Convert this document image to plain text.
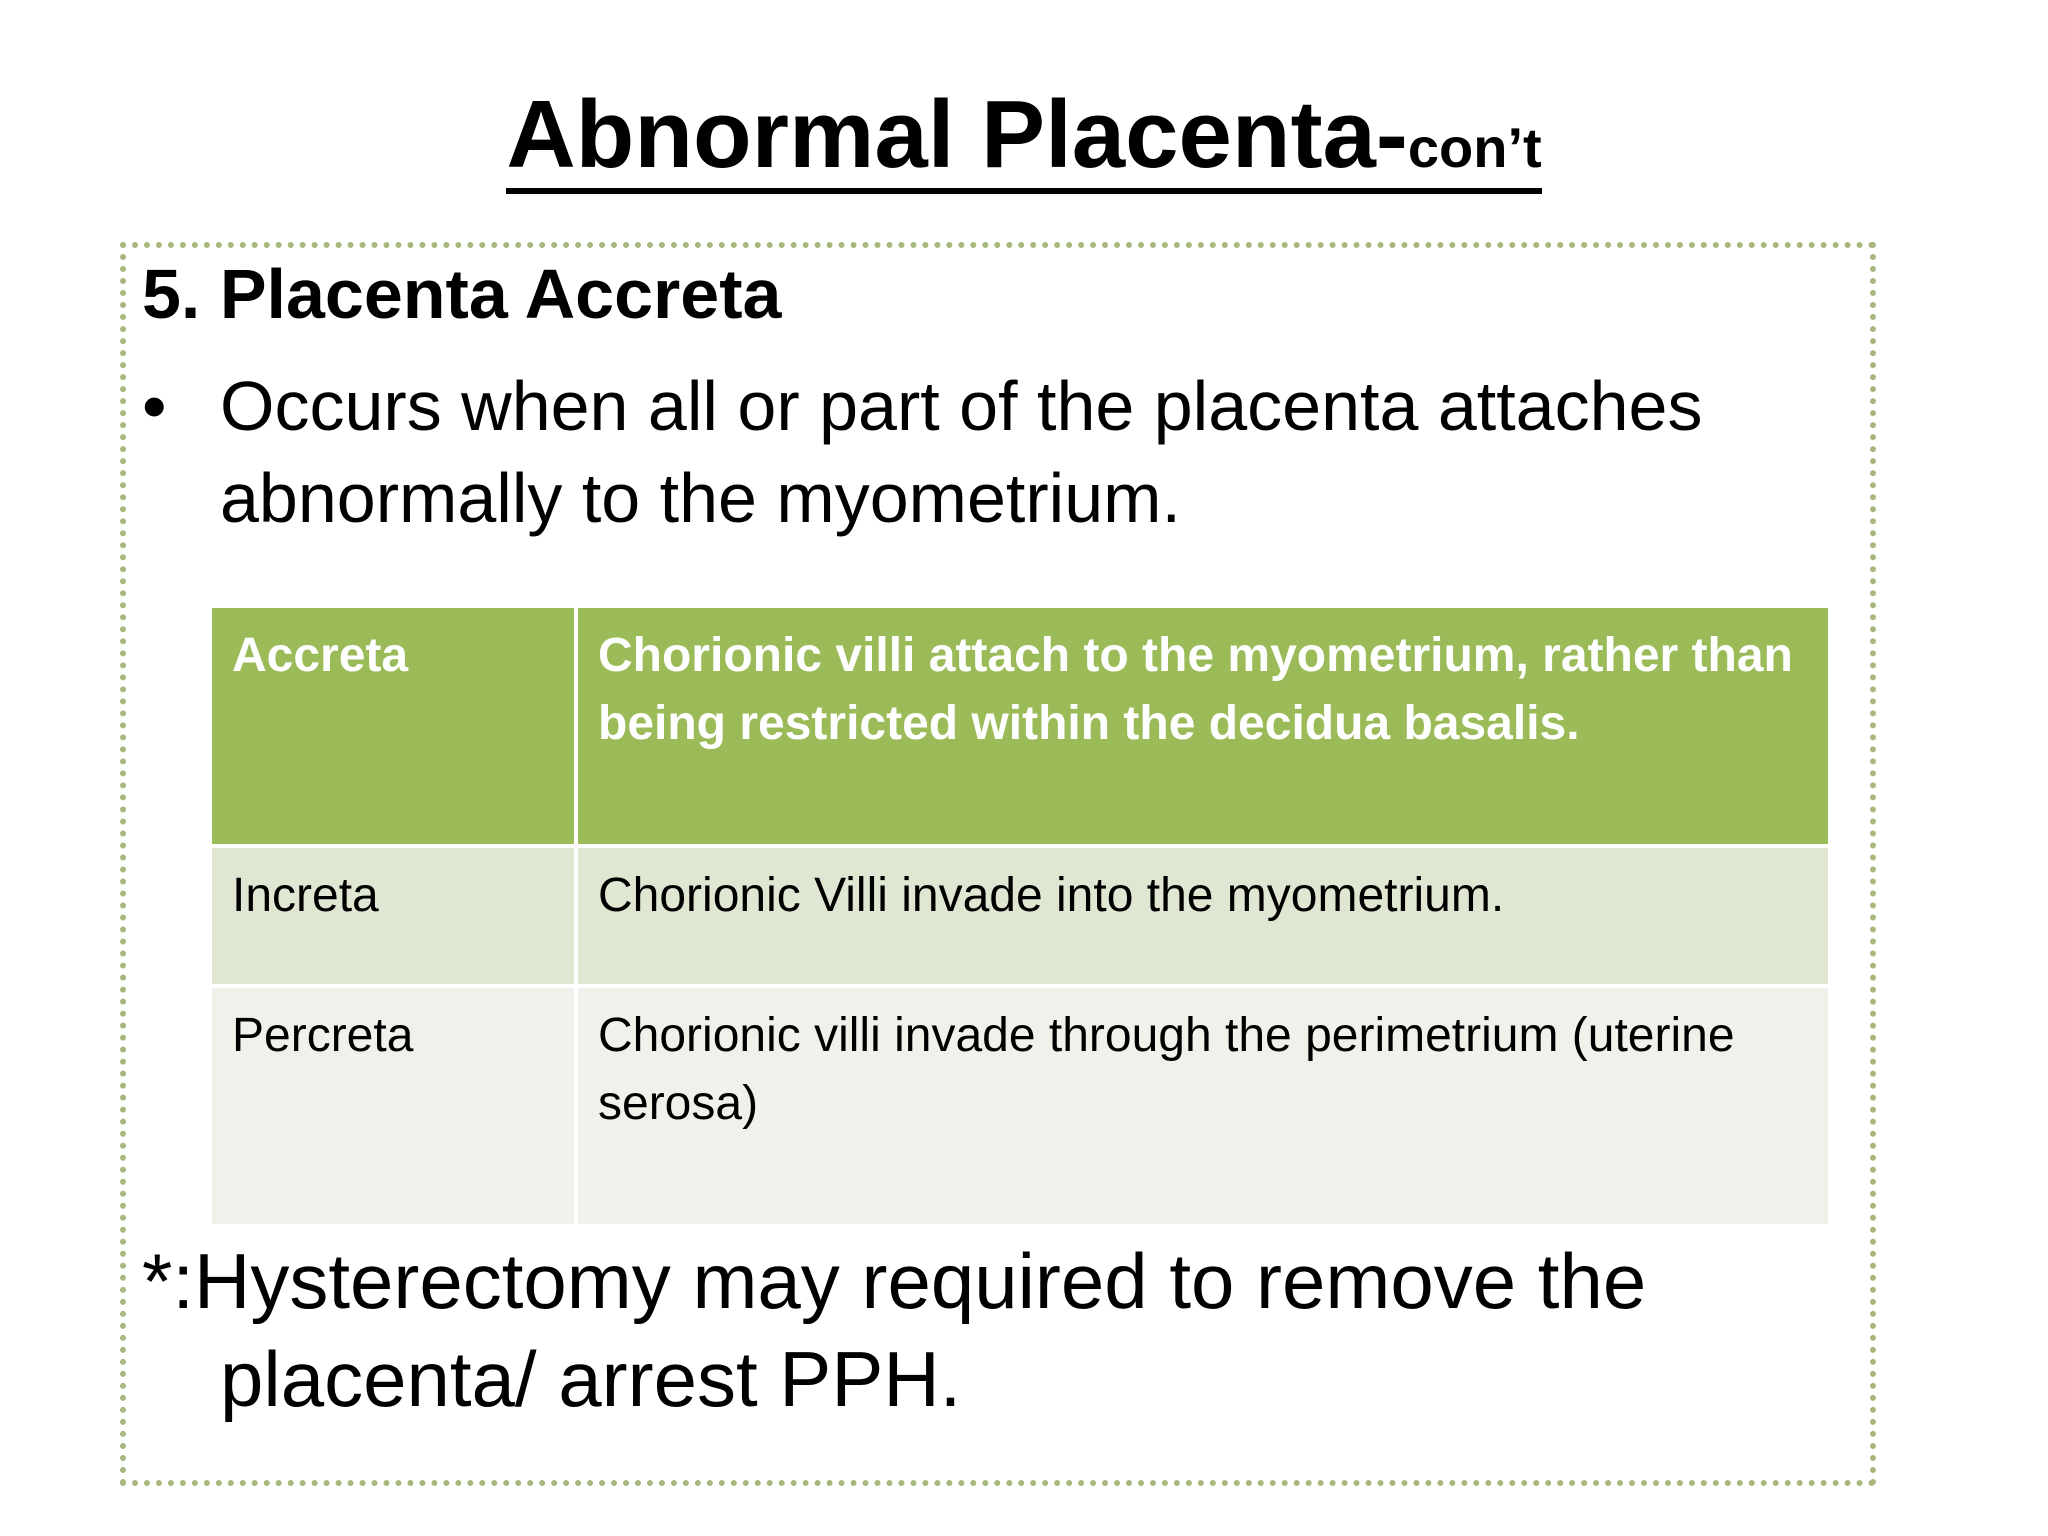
Abnormal Placenta-con’t
5. Placenta Accreta
• Occurs when all or part of the placenta attaches abnormally to the myometrium.
Accreta	Chorionic villi attach to the myometrium, rather than being restricted within the decidua basalis.
Increta	Chorionic Villi invade into the myometrium.
Percreta	Chorionic villi invade through the perimetrium (uterine serosa)
*:Hysterectomy may required to remove the
placenta/ arrest PPH.
